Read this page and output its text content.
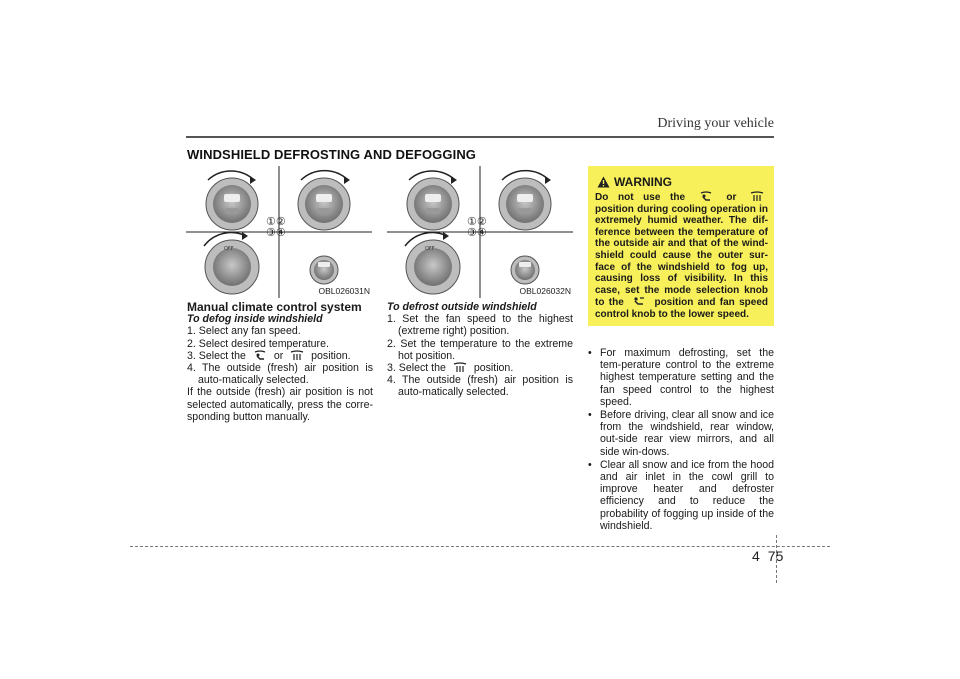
Driving your vehicle
WINDSHIELD DEFROSTING AND DEFOGGING
OFF
①②
③④
OBL026031N
OFF
①②
③④
OBL026032N

Manual climate control system

To defog inside windshield

1. Select any fan speed.
2. Select desired temperature.
3. Select the	or	position.
4. The outside (fresh) air position is auto-matically selected.

If the outside (fresh) air position is not selected automatically, press the corre-sponding button manually.

To defrost outside windshield

1. Set the fan speed to the highest (extreme right) position.
2. Set the temperature to the extreme hot position.
3. Select the	position.
4. The outside (fresh) air position is auto-matically selected.
WARNING
Do not use the	or  position during cooling operation in extremely humid weather. The dif-ference between the temperature of the outside air and that of the wind-shield could cause the outer sur-face of the windshield to fog up, causing loss of visibility. In this case, set the mode selection knob to the	position and fan speed control knob to the lower speed.
• For maximum defrosting, set the tem-perature control to the extreme highest temperature setting and the fan speed control to the highest speed.
• Before driving, clear all snow and ice from the windshield, rear window, out-side rear view mirrors, and all side win-dows.
• Clear all snow and ice from the hood and air inlet in the cowl grill to improve heater and defroster efficiency and to reduce the probability of fogging up inside of the windshield.
4 75
